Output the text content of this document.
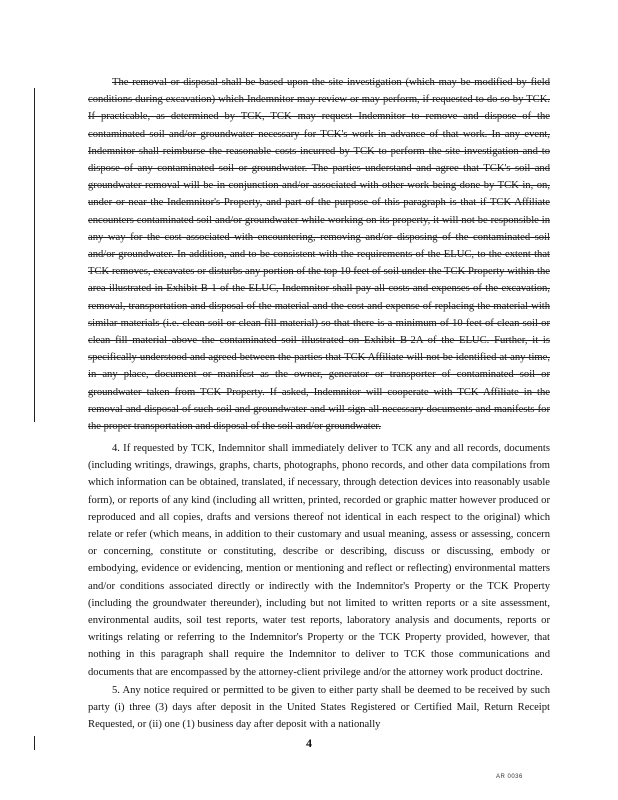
The removal or disposal shall be based upon the site investigation (which may be modified by field conditions during excavation) which Indemnitor may review or may perform, if requested to do so by TCK. If practicable, as determined by TCK, TCK may request Indemnitor to remove and dispose of the contaminated soil and/or groundwater necessary for TCK's work in advance of that work. In any event, Indemnitor shall reimburse the reasonable costs incurred by TCK to perform the site investigation and to dispose of any contaminated soil or groundwater. The parties understand and agree that TCK's soil and groundwater removal will be in conjunction and/or associated with other work being done by TCK in, on, under or near the Indemnitor's Property, and part of the purpose of this paragraph is that if TCK Affiliate encounters contaminated soil and/or groundwater while working on its property, it will not be responsible in any way for the cost associated with encountering, removing and/or disposing of the contaminated soil and/or groundwater. In addition, and to be consistent with the requirements of the ELUC, to the extent that TCK removes, excavates or disturbs any portion of the top 10 feet of soil under the TCK Property within the area illustrated in Exhibit B-1 of the ELUC, Indemnitor shall pay all costs and expenses of the excavation, removal, transportation and disposal of the material and the cost and expense of replacing the material with similar materials (i.e. clean soil or clean fill material) so that there is a minimum of 10 feet of clean soil or clean fill material above the contaminated soil illustrated on Exhibit B-2A of the ELUC. Further, it is specifically understood and agreed between the parties that TCK Affiliate will not be identified at any time, in any place, document or manifest as the owner, generator or transporter of contaminated soil or groundwater taken from TCK Property. If asked, Indemnitor will cooperate with TCK Affiliate in the removal and disposal of such soil and groundwater and will sign all necessary documents and manifests for the proper transportation and disposal of the soil and/or groundwater.

4. If requested by TCK, Indemnitor shall immediately deliver to TCK any and all records, documents (including writings, drawings, graphs, charts, photographs, phono records, and other data compilations from which information can be obtained, translated, if necessary, through detection devices into reasonably usable form), or reports of any kind (including all written, printed, recorded or graphic matter however produced or reproduced and all copies, drafts and versions thereof not identical in each respect to the original) which relate or refer (which means, in addition to their customary and usual meaning, assess or assessing, concern or concerning, constitute or constituting, describe or describing, discuss or discussing, embody or embodying, evidence or evidencing, mention or mentioning and reflect or reflecting) environmental matters and/or conditions associated directly or indirectly with the Indemnitor's Property or the TCK Property (including the groundwater thereunder), including but not limited to written reports or a site assessment, environmental audits, soil test reports, water test reports, laboratory analysis and documents, reports or writings relating or referring to the Indemnitor's Property or the TCK Property provided, however, that nothing in this paragraph shall require the Indemnitor to deliver to TCK those communications and documents that are encompassed by the attorney-client privilege and/or the attorney work product doctrine.

5. Any notice required or permitted to be given to either party shall be deemed to be received by such party (i) three (3) days after deposit in the United States Registered or Certified Mail, Return Receipt Requested, or (ii) one (1) business day after deposit with a nationally

4
AR 0036
